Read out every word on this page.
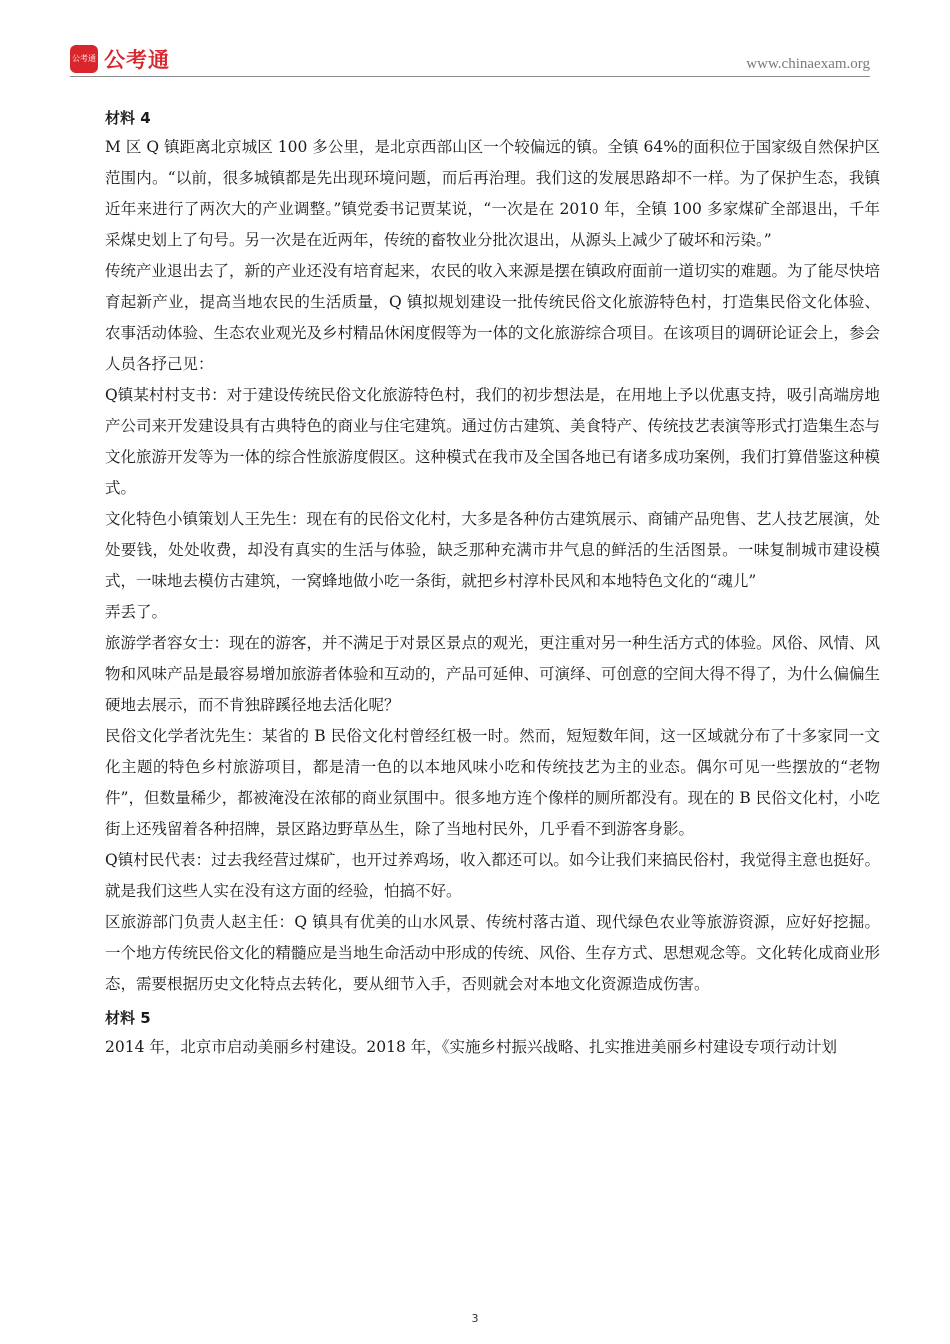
公考通 公考通	www.chinaexam.org
材料 4

M 区 Q 镇距离北京城区 100 多公里，是北京西部山区一个较偏远的镇。全镇 64%的面积位于国家级自然保护区范围内。“以前，很多城镇都是先出现环境问题，而后再治理。我们这的发展思路却不一样。为了保护生态，我镇近年来进行了两次大的产业调整。”镇党委书记贾某说，“一次是在 2010 年，全镇 100 多家煤矿全部退出，千年采煤史划上了句号。另一次是在近两年，传统的畜牧业分批次退出，从源头上减少了破坏和污染。”

传统产业退出去了，新的产业还没有培育起来，农民的收入来源是摆在镇政府面前一道切实的难题。为了能尽快培育起新产业，提高当地农民的生活质量，Q 镇拟规划建设一批传统民俗文化旅游特色村，打造集民俗文化体验、农事活动体验、生态农业观光及乡村精品休闲度假等为一体的文化旅游综合项目。在该项目的调研论证会上，参会人员各抒己见：

Q镇某村村支书：对于建设传统民俗文化旅游特色村，我们的初步想法是，在用地上予以优惠支持，吸引高端房地产公司来开发建设具有古典特色的商业与住宅建筑。通过仿古建筑、美食特产、传统技艺表演等形式打造集生态与文化旅游开发等为一体的综合性旅游度假区。这种模式在我市及全国各地已有诸多成功案例，我们打算借鉴这种模式。

文化特色小镇策划人王先生：现在有的民俗文化村，大多是各种仿古建筑展示、商铺产品兜售、艺人技艺展演，处处要钱，处处收费，却没有真实的生活与体验，缺乏那种充满市井气息的鲜活的生活图景。一味复制城市建设模式，一味地去模仿古建筑，一窝蜂地做小吃一条街，就把乡村淳朴民风和本地特色文化的“魂儿”

弄丢了。

旅游学者容女士：现在的游客，并不满足于对景区景点的观光，更注重对另一种生活方式的体验。风俗、风情、风物和风味产品是最容易增加旅游者体验和互动的，产品可延伸、可演绎、可创意的空间大得不得了，为什么偏偏生硬地去展示，而不肯独辟蹊径地去活化呢？

民俗文化学者沈先生：某省的 B 民俗文化村曾经红极一时。然而，短短数年间，这一区域就分布了十多家同一文化主题的特色乡村旅游项目，都是清一色的以本地风味小吃和传统技艺为主的业态。偶尔可见一些摆放的“老物件”，但数量稀少，都被淹没在浓郁的商业氛围中。很多地方连个像样的厕所都没有。现在的 B 民俗文化村，小吃街上还残留着各种招牌，景区路边野草丛生，除了当地村民外，几乎看不到游客身影。

Q镇村民代表：过去我经营过煤矿，也开过养鸡场，收入都还可以。如今让我们来搞民俗村，我觉得主意也挺好。就是我们这些人实在没有这方面的经验，怕搞不好。

区旅游部门负责人赵主任：Q 镇具有优美的山水风景、传统村落古道、现代绿色农业等旅游资源，应好好挖掘。一个地方传统民俗文化的精髓应是当地生命活动中形成的传统、风俗、生存方式、思想观念等。文化转化成商业形态，需要根据历史文化特点去转化，要从细节入手，否则就会对本地文化资源造成伤害。

材料 5

2014 年，北京市启动美丽乡村建设。2018 年，《实施乡村振兴战略、扎实推进美丽乡村建设专项行动计划

3
